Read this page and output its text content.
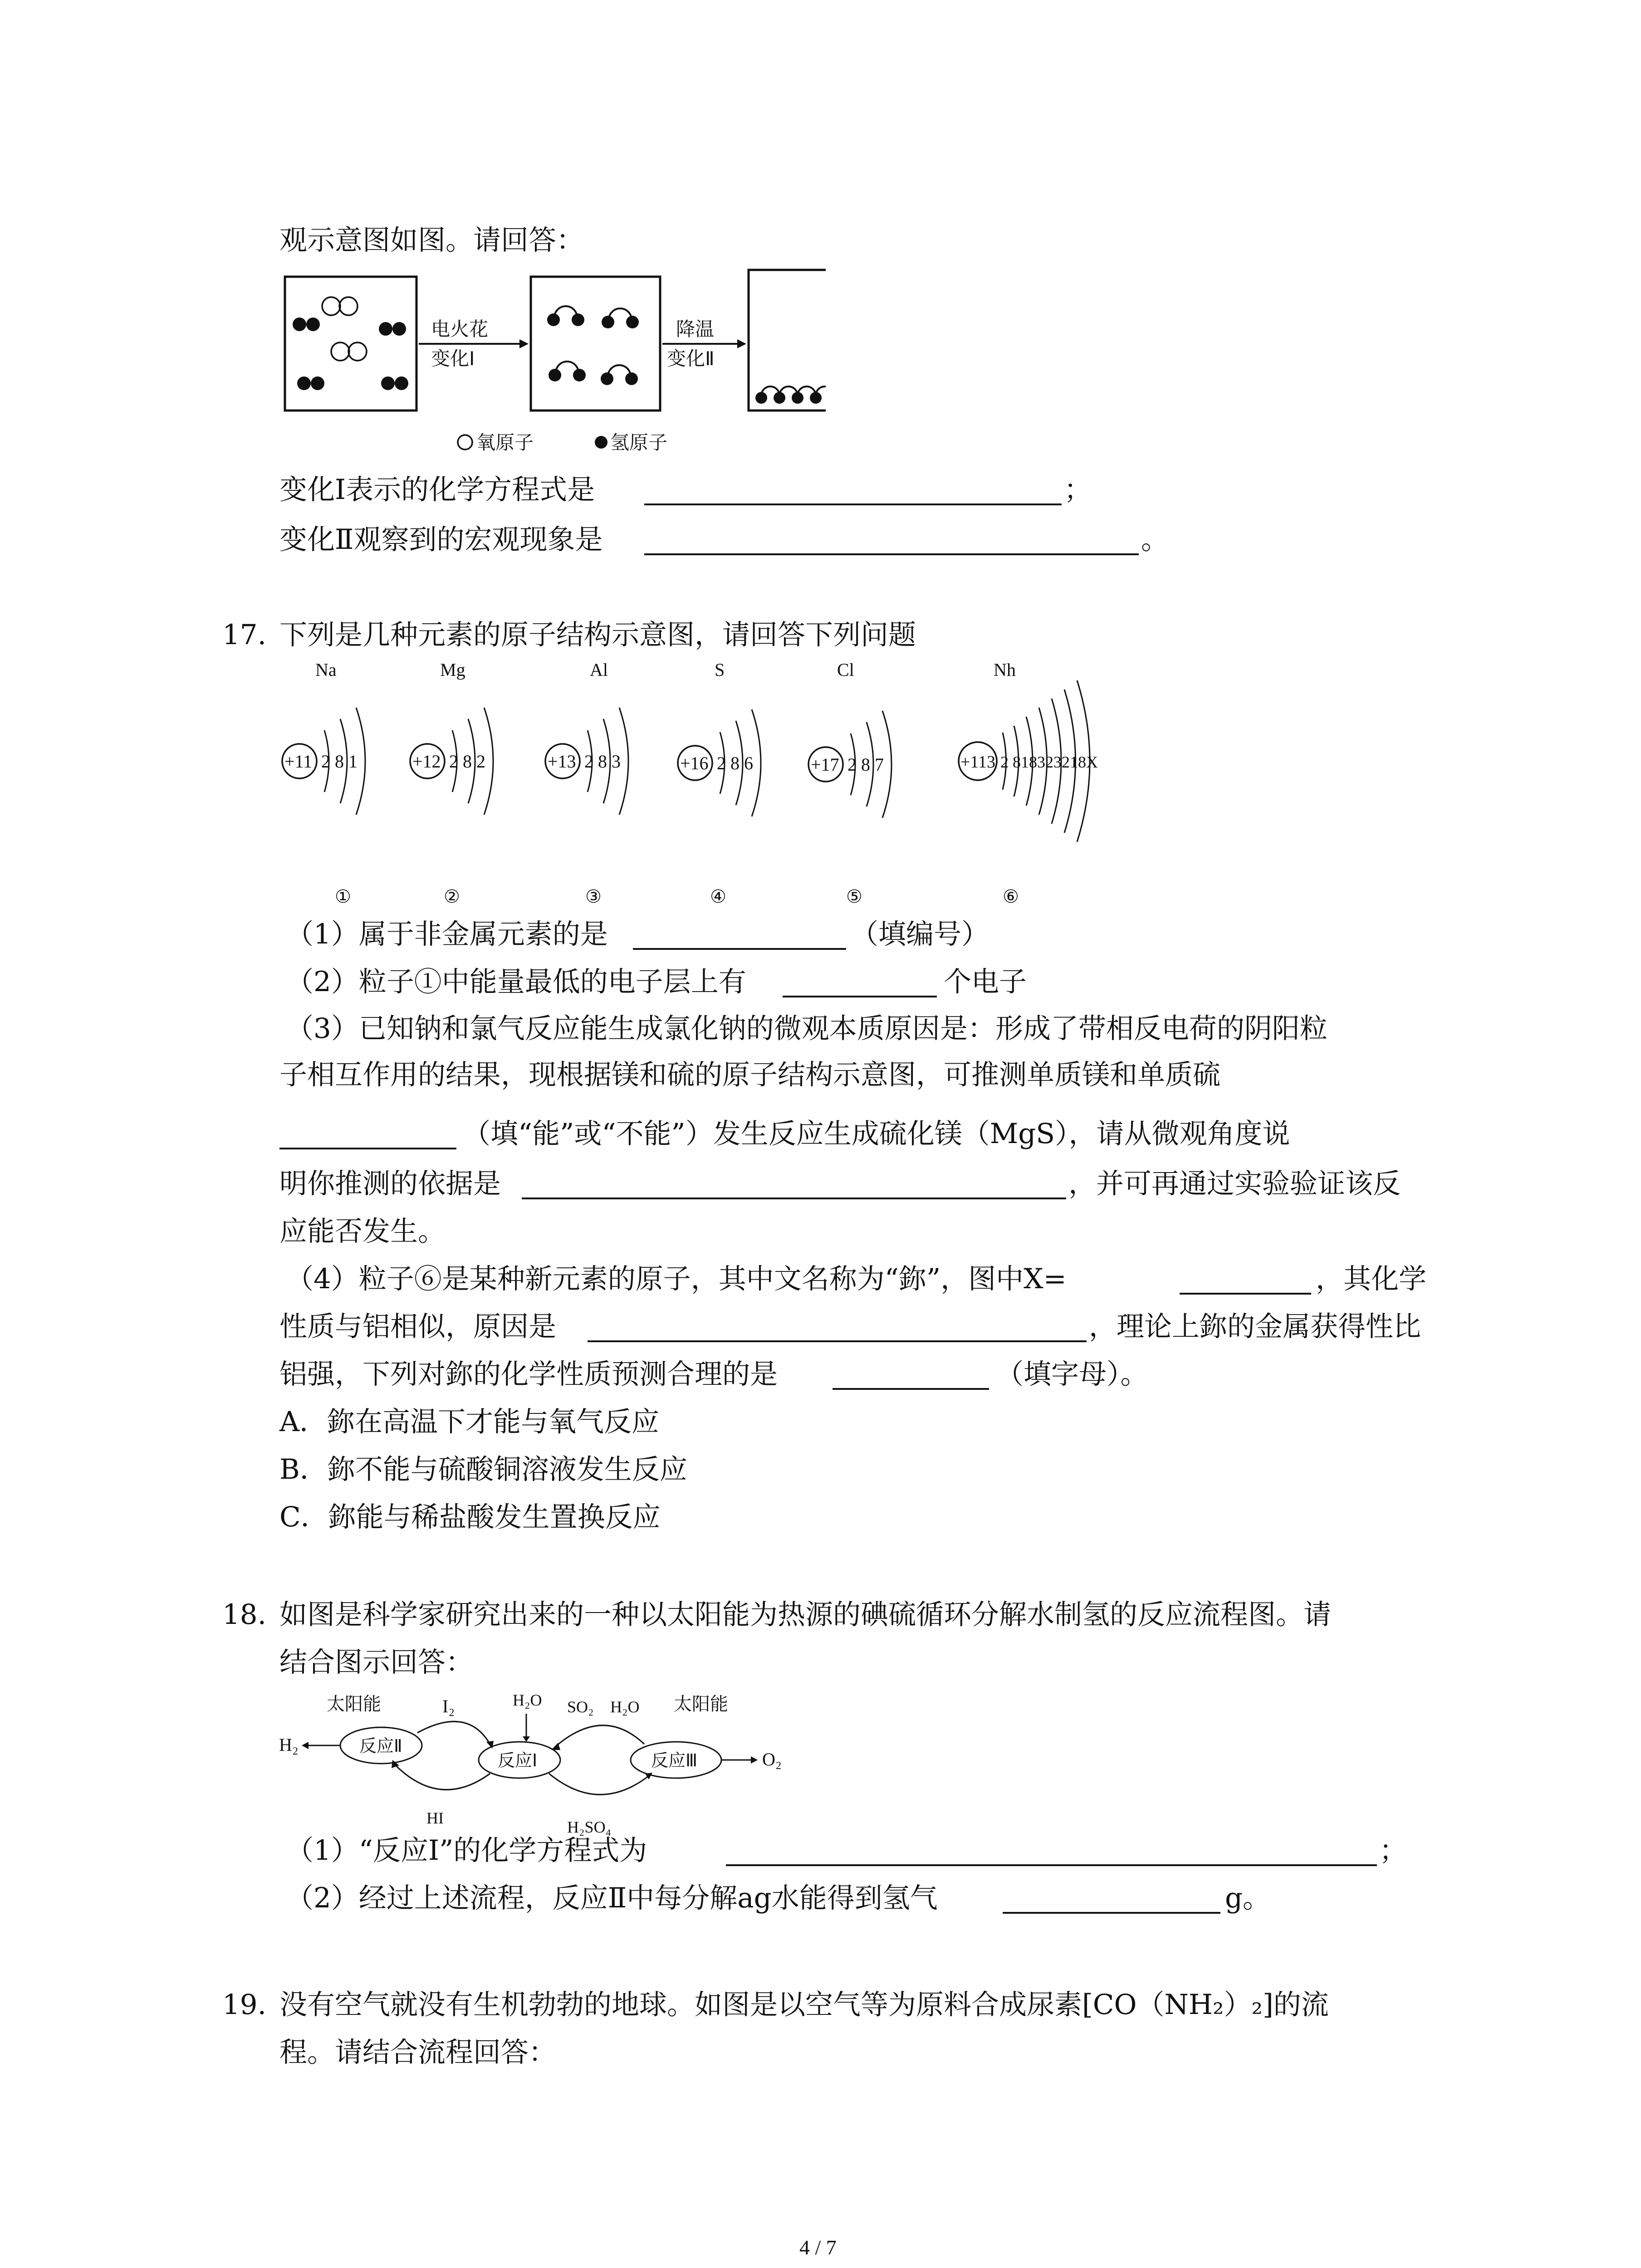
观示意图如图。请回答：
电火花
变化Ⅰ
降温
变化Ⅱ
氧原子	氢原子
变化Ⅰ表示的化学方程式是	；
变化Ⅱ观察到的宏观现象是	。
17. 下列是几种元素的原子结构示意图，请回答下列问题
Na
+11 2 8 1
①
Mg
+12 2 8 2
②
Al
+13 2 8 3
③
S
+16 2 8 6
④
Cl
+17 2 8 7
⑤
Nh
+113 2 818323218X
⑥
（1）属于非金属元素的是	（填编号）
（2）粒子①中能量最低的电子层上有	个电子
（3）已知钠和氯气反应能生成氯化钠的微观本质原因是：形成了带相反电荷的阴阳粒
子相互作用的结果，现根据镁和硫的原子结构示意图，可推测单质镁和单质硫
（填“能”或“不能”）发生反应生成硫化镁（MgS），请从微观角度说
明你推测的依据是	，并可再通过实验验证该反
应能否发生。
（4）粒子⑥是某种新元素的原子，其中文名称为“鉨”，图中X=	，其化学
性质与铝相似，原因是	，理论上鉨的金属获得性比
铝强，下列对鉨的化学性质预测合理的是	（填字母）。
A．鉨在高温下才能与氧气反应
B．鉨不能与硫酸铜溶液发生反应
C．鉨能与稀盐酸发生置换反应
18. 如图是科学家研究出来的一种以太阳能为热源的碘硫循环分解水制氢的反应流程图。请
结合图示回答：
太阳能	I₂	H₂O SO₂ H₂O 太阳能
H₂	反应Ⅱ
反应Ⅰ	反应Ⅲ	O₂
HI	H₂SO₄
（1）“反应Ⅰ”的化学方程式为	；
（2）经过上述流程，反应Ⅱ中每分解ag水能得到氢气	g。
19. 没有空气就没有生机勃勃的地球。如图是以空气等为原料合成尿素[CO（NH₂）₂]的流
程。请结合流程回答：
4 / 7
